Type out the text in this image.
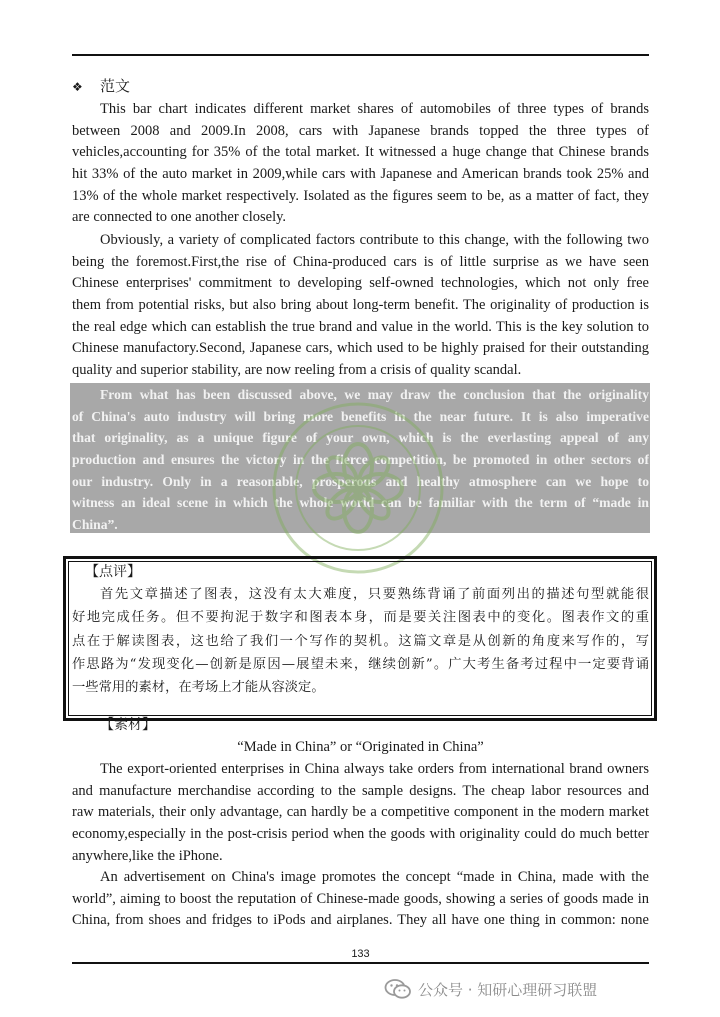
❖ 范文
This bar chart indicates different market shares of automobiles of three types of brands
between 2008 and 2009.In 2008, cars with Japanese brands topped the three types of
vehicles,accounting for 35% of the total market. It witnessed a huge change that Chinese brands
hit 33% of the auto market in 2009,while cars with Japanese and American brands took 25% and
13% of the whole market respectively. Isolated as the figures seem to be, as a matter of fact, they
are connected to one another closely.
Obviously, a variety of complicated factors contribute to this change, with the following two
being the foremost.First,the rise of China-produced cars is of little surprise as we have seen
Chinese enterprises' commitment to developing self-owned technologies, which not only free
them from potential risks, but also bring about long-term benefit. The originality of production is
the real edge which can establish the true brand and value in the world. This is the key solution to
Chinese manufactory.Second, Japanese cars, which used to be highly praised for their outstanding
quality and superior stability, are now reeling from a crisis of quality scandal.
From what has been discussed above, we may draw the conclusion that the originality
of China's auto industry will bring more benefits in the near future. It is also imperative
that originality, as a unique figure of your own, which is the everlasting appeal of any
production and ensures the victory in the fierce competition, be promoted in other sectors of
our industry. Only in a reasonable, prosperous and healthy atmosphere can we hope to
witness an ideal scene in which the whole world can be familiar with the term of “made in
China”.
【点评】
首先文章描述了图表，这没有太大难度，只要熟练背诵了前面列出的描述句型就能很
好地完成任务。但不要拘泥于数字和图表本身，而是要关注图表中的变化。图表作文的重
点在于解读图表，这也给了我们一个写作的契机。这篇文章是从创新的角度来写作的，写
作思路为“发现变化—创新是原因—展望未来，继续创新”。广大考生备考过程中一定要背诵
一些常用的素材，在考场上才能从容淡定。
【素材】
“Made in China” or “Originated in China”
The export-oriented enterprises in China always take orders from international brand owners
and manufacture merchandise according to the sample designs. The cheap labor resources and
raw materials, their only advantage, can hardly be a competitive component in the modern market
economy,especially in the post-crisis period when the goods with originality could do much better
anywhere,like the iPhone.
An advertisement on China's image promotes the concept “made in China, made with the
world”, aiming to boost the reputation of Chinese-made goods, showing a series of goods made in
China, from shoes and fridges to iPods and airplanes. They all have one thing in common: none
133
公众号 · 知研心理研习联盟
